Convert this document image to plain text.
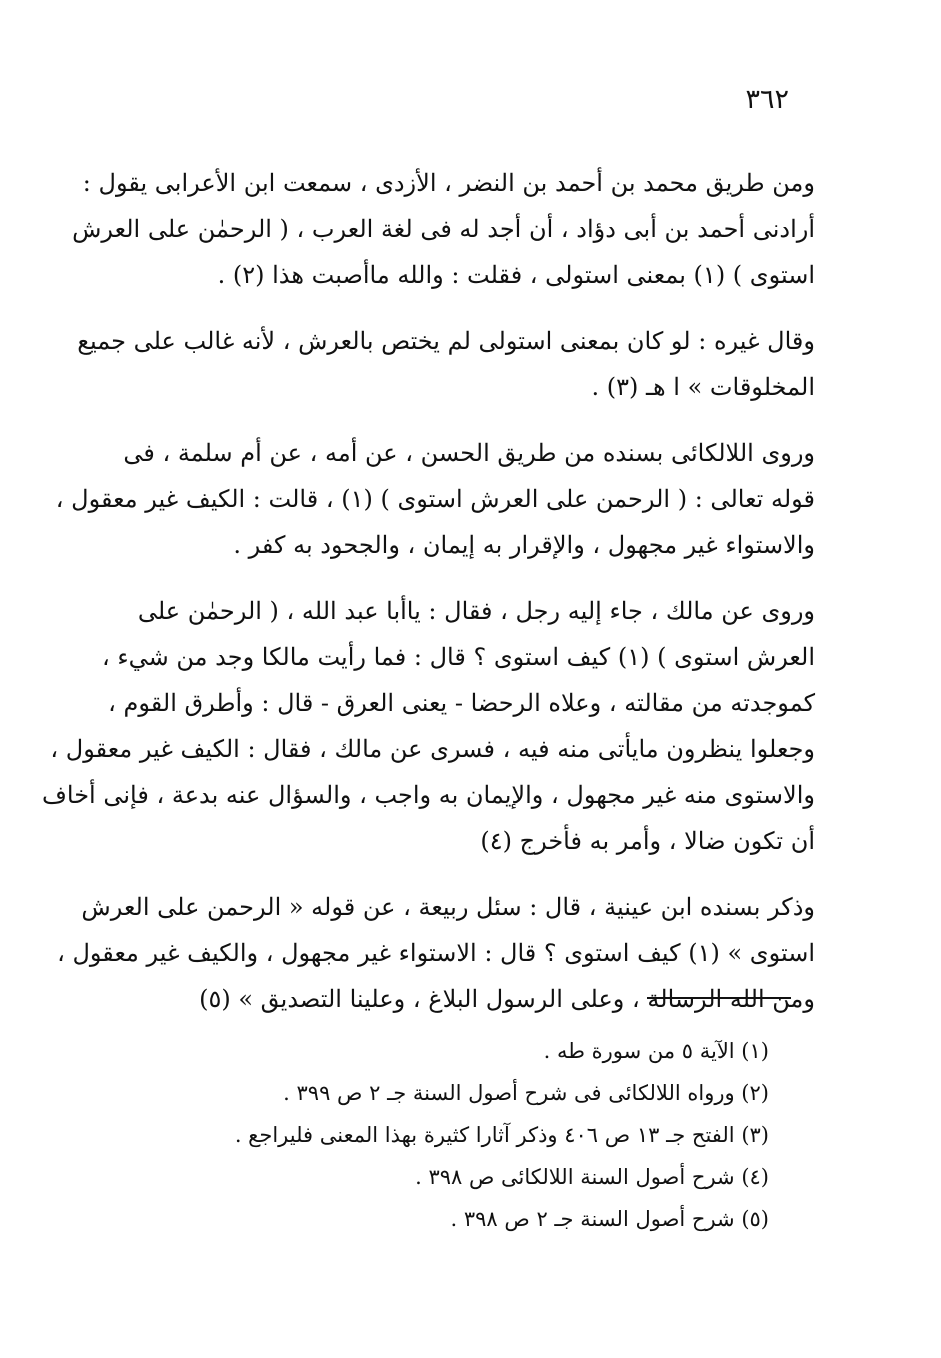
٣٦٢

ومن طريق محمد بن أحمد بن النضر ، الأزدى ، سمعت ابن الأعرابى يقول :
أرادنى أحمد بن أبى دؤاد ، أن أجد له فى لغة العرب ، ( الرحمٰن على العرش
استوى ) (١) بمعنى استولى ، فقلت : والله ماأصبت هذا (٢) .

وقال غيره : لو كان بمعنى استولى لم يختص بالعرش ، لأنه غالب على جميع
المخلوقات » ا هـ (٣) .

وروى اللالكائى بسنده من طريق الحسن ، عن أمه ، عن أم سلمة ، فى
قوله تعالى : ( الرحمن على العرش استوى ) (١) ، قالت : الكيف غير معقول ،
والاستواء غير مجهول ، والإقرار به إيمان ، والجحود به كفر .

وروى عن مالك ، جاء إليه رجل ، فقال : ياأبا عبد الله ، ( الرحمٰن على
العرش استوى ) (١) كيف استوى ؟ قال : فما رأيت مالكا وجد من شيء ،
كموجدته من مقالته ، وعلاه الرحضا - يعنى العرق - قال : وأطرق القوم ،
وجعلوا ينظرون مايأتى منه فيه ، فسرى عن مالك ، فقال : الكيف غير معقول ،
والاستوى منه غير مجهول ، والإيمان به واجب ، والسؤال عنه بدعة ، فإنى أخاف
أن تكون ضالا ، وأمر به فأخرج (٤)

وذكر بسنده ابن عينية ، قال : سئل ربيعة ، عن قوله « الرحمن على العرش
استوى » (١) كيف استوى ؟ قال : الاستواء غير مجهول ، والكيف غير معقول ،
ومن الله الرسالة ، وعلى الرسول البلاغ ، وعلينا التصديق » (٥)

(١) الآية ٥ من سورة طه .
(٢) ورواه اللالكائى فى شرح أصول السنة جـ ٢ ص ٣٩٩ .
(٣) الفتح جـ ١٣ ص ٤٠٦ وذكر آثارا كثيرة بهذا المعنى فليراجع .
(٤) شرح أصول السنة اللالكائى ص ٣٩٨ .
(٥) شرح أصول السنة جـ ٢ ص ٣٩٨ .
